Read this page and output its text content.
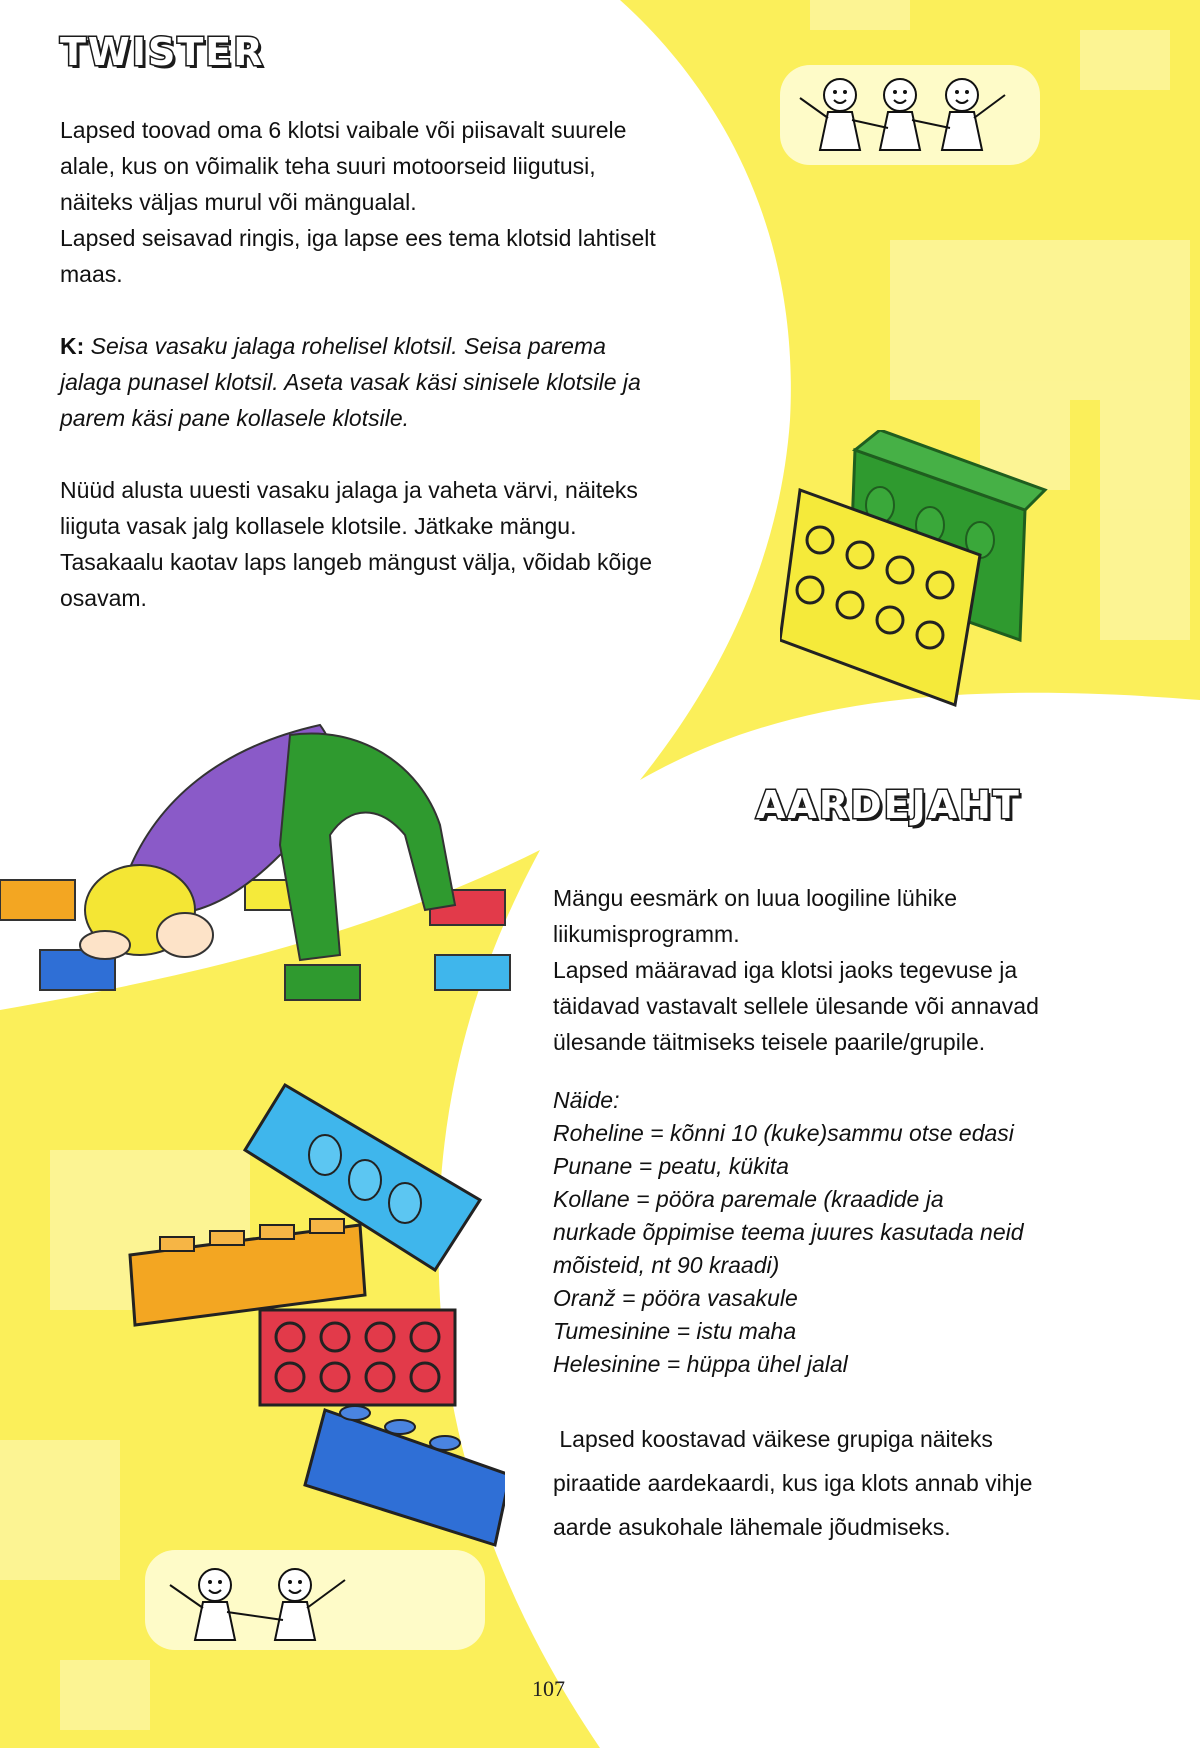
TWISTER
AARDEJAHT

Lapsed toovad oma 6 klotsi vaibale või piisavalt suurele

alale, kus on võimalik teha suuri motoorseid liigutusi,

näiteks väljas murul või mängualal.

Lapsed seisavad ringis, iga lapse ees tema klotsid lahtiselt

maas.

K: Seisa vasaku jalaga rohelisel klotsil. Seisa parema

jalaga punasel klotsil. Aseta vasak käsi sinisele klotsile ja

parem käsi pane kollasele klotsile.

Nüüd alusta uuesti vasaku jalaga ja vaheta värvi, näiteks

liiguta vasak jalg kollasele klotsile. Jätkake mängu.

Tasakaalu kaotav laps langeb mängust välja, võidab kõige

osavam.

Mängu eesmärk on luua loogiline lühike

liikumisprogramm.

Lapsed määravad iga klotsi jaoks tegevuse ja

täidavad vastavalt sellele ülesande või annavad

ülesande täitmiseks teisele paarile/grupile.

Näide:

Roheline = kõnni 10 (kuke)sammu otse edasi

Punane = peatu, kükita

Kollane = pööra paremale (kraadide ja

nurkade õppimise teema juures kasutada neid

mõisteid, nt 90 kraadi)

Oranž = pööra vasakule

Tumesinine = istu maha

Helesinine = hüppa ühel jalal

Lapsed koostavad väikese grupiga näiteks

piraatide aardekaardi, kus iga klots annab vihje

aarde asukohale lähemale jõudmiseks.

107
